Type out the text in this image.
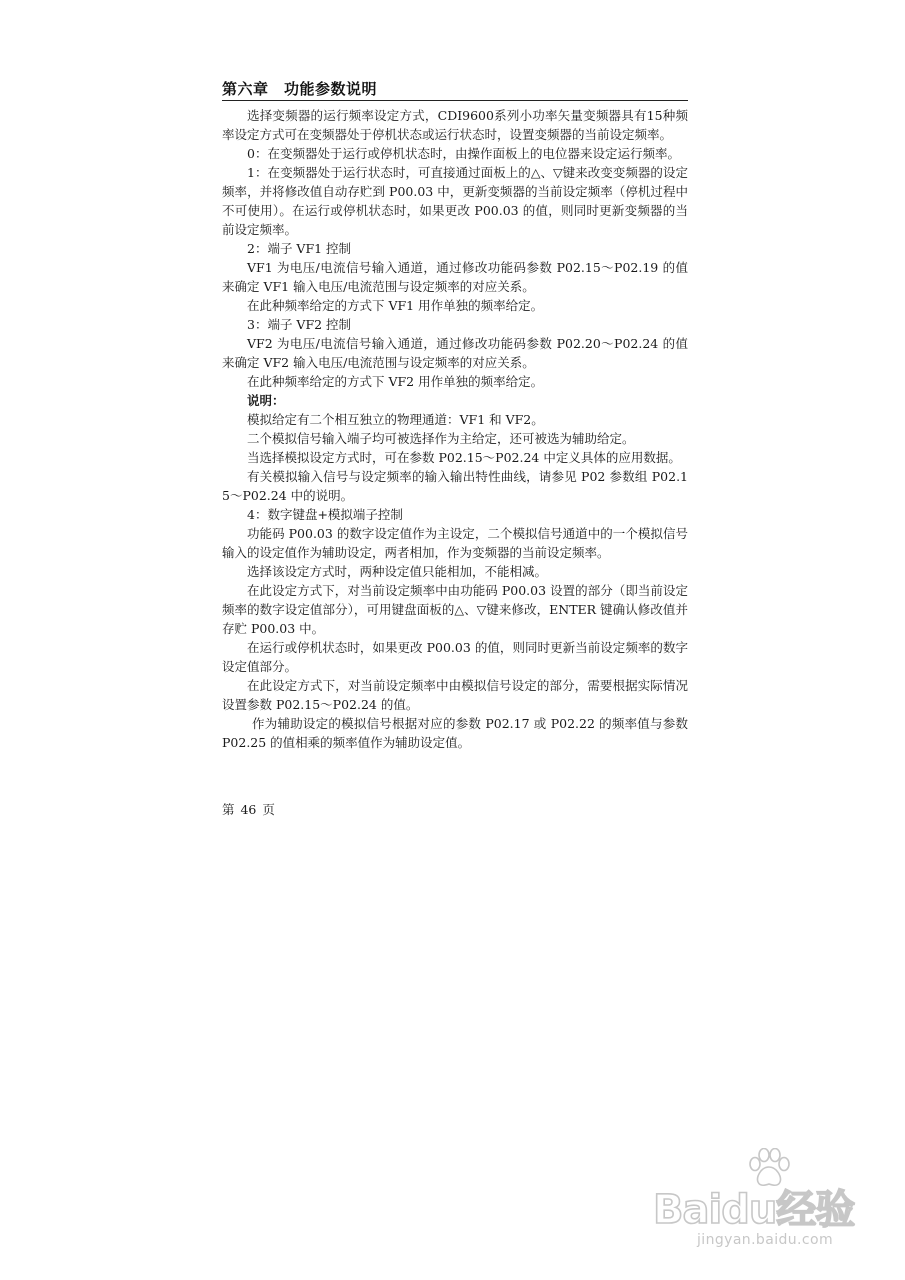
第六章　功能参数说明

选择变频器的运行频率设定方式，CDI9600系列小功率矢量变频器具有15种频率设定方式可在变频器处于停机状态或运行状态时，设置变频器的当前设定频率。

0：在变频器处于运行或停机状态时，由操作面板上的电位器来设定运行频率。

1：在变频器处于运行状态时，可直接通过面板上的△、▽键来改变变频器的设定频率，并将修改值自动存贮到 P00.03 中，更新变频器的当前设定频率（停机过程中不可使用）。在运行或停机状态时，如果更改 P00.03 的值，则同时更新变频器的当前设定频率。

2：端子 VF1 控制

VF1 为电压/电流信号输入通道，通过修改功能码参数 P02.15～P02.19 的值来确定 VF1 输入电压/电流范围与设定频率的对应关系。

在此种频率给定的方式下 VF1 用作单独的频率给定。

3：端子 VF2 控制

VF2 为电压/电流信号输入通道，通过修改功能码参数 P02.20～P02.24 的值来确定 VF2 输入电压/电流范围与设定频率的对应关系。

在此种频率给定的方式下 VF2 用作单独的频率给定。

说明：

模拟给定有二个相互独立的物理通道：VF1 和 VF2。

二个模拟信号输入端子均可被选择作为主给定，还可被选为辅助给定。

当选择模拟设定方式时，可在参数 P02.15～P02.24 中定义具体的应用数据。

有关模拟输入信号与设定频率的输入输出特性曲线，请参见 P02 参数组 P02.15～P02.24 中的说明。

4：数字键盘+模拟端子控制

功能码 P00.03 的数字设定值作为主设定，二个模拟信号通道中的一个模拟信号输入的设定值作为辅助设定，两者相加，作为变频器的当前设定频率。

选择该设定方式时，两种设定值只能相加，不能相减。

在此设定方式下，对当前设定频率中由功能码 P00.03 设置的部分（即当前设定频率的数字设定值部分），可用键盘面板的△、▽键来修改，ENTER 键确认修改值并存贮 P00.03 中。

在运行或停机状态时，如果更改 P00.03 的值，则同时更新当前设定频率的数字设定值部分。

在此设定方式下，对当前设定频率中由模拟信号设定的部分，需要根据实际情况设置参数 P02.15～P02.24 的值。

作为辅助设定的模拟信号根据对应的参数 P02.17 或 P02.22 的频率值与参数 P02.25 的值相乘的频率值作为辅助设定值。

第 46 页
Baidu经验
jingyan.baidu.com
